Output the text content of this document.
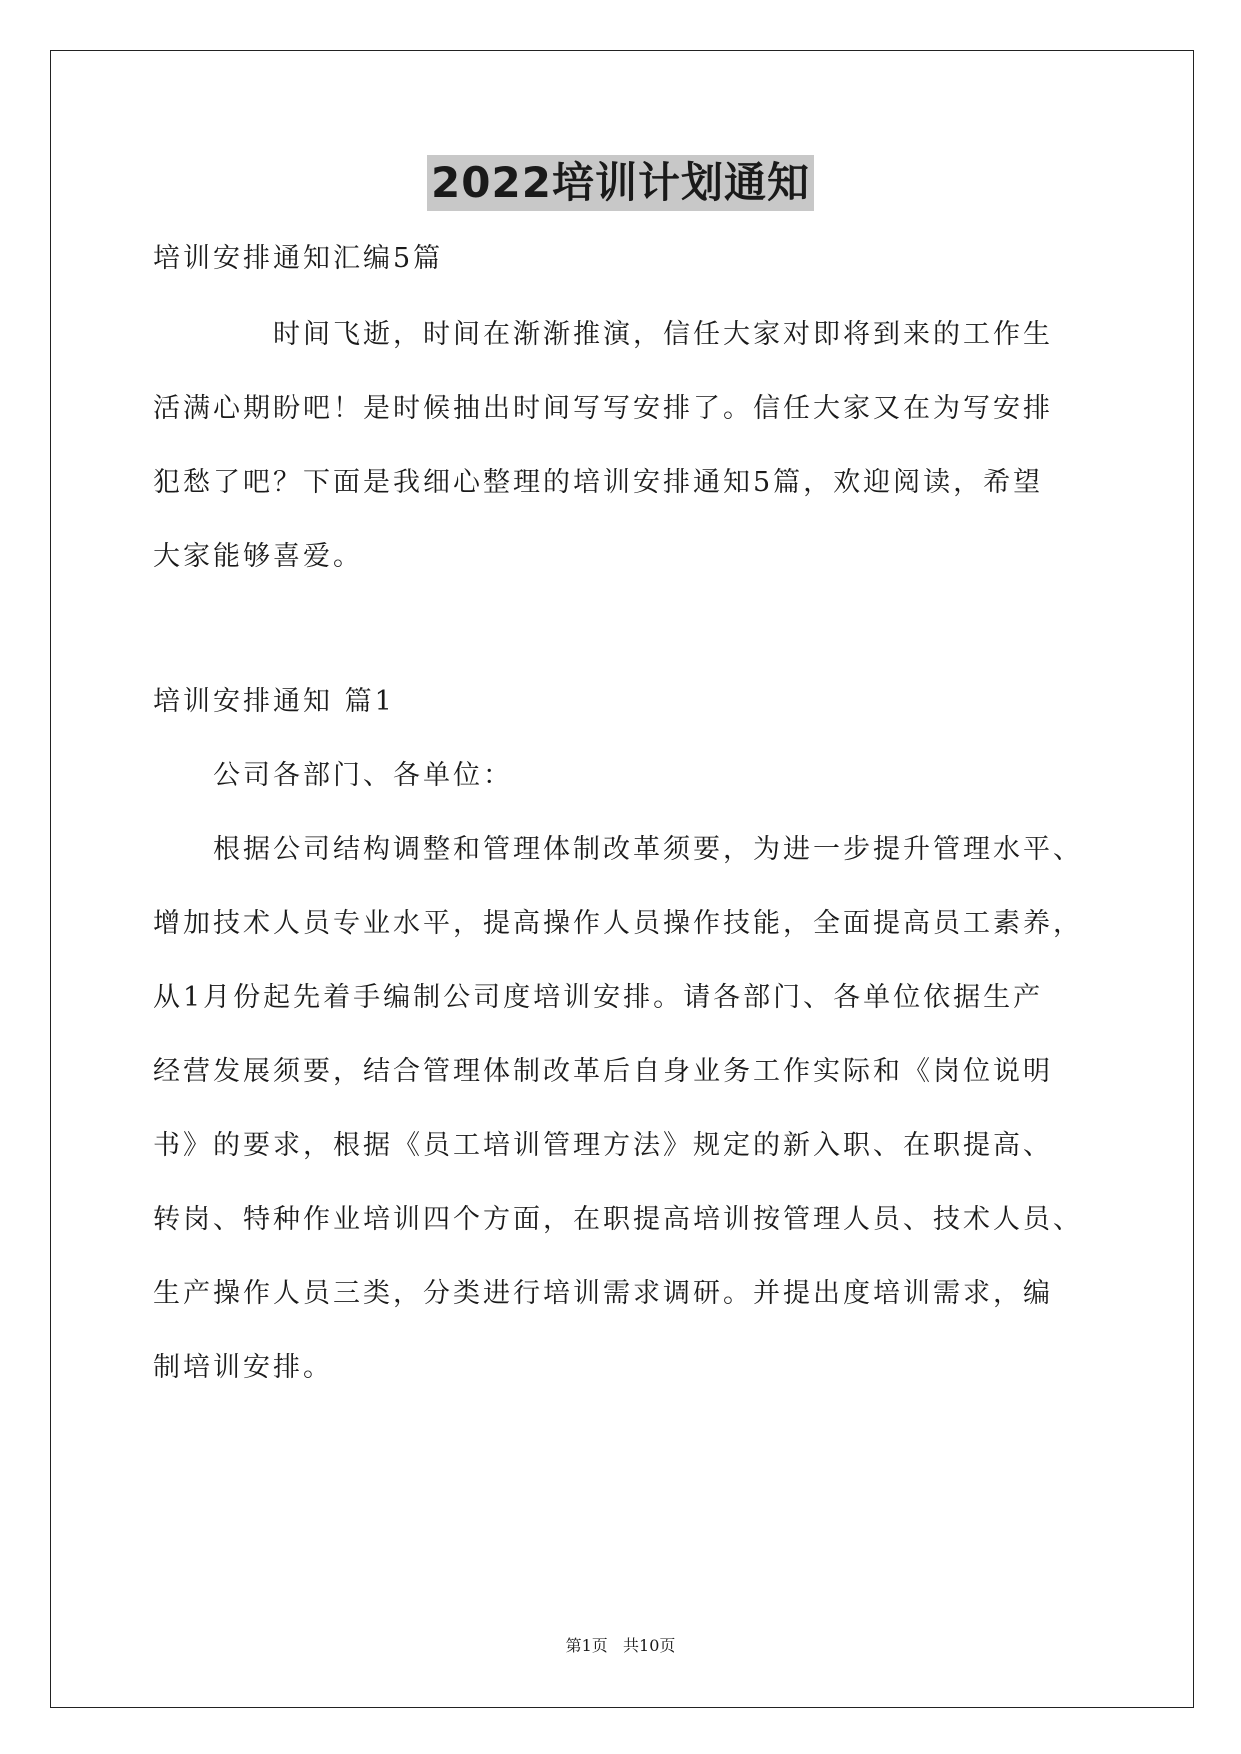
2022培训计划通知
培训安排通知汇编5篇
时间飞逝，时间在渐渐推演，信任大家对即将到来的工作生
活满心期盼吧！是时候抽出时间写写安排了。信任大家又在为写安排
犯愁了吧？下面是我细心整理的培训安排通知5篇，欢迎阅读，希望
大家能够喜爱。
培训安排通知 篇1
公司各部门、各单位：
根据公司结构调整和管理体制改革须要，为进一步提升管理水平、
增加技术人员专业水平，提高操作人员操作技能，全面提高员工素养，
从1月份起先着手编制公司度培训安排。请各部门、各单位依据生产
经营发展须要，结合管理体制改革后自身业务工作实际和《岗位说明
书》的要求，根据《员工培训管理方法》规定的新入职、在职提高、
转岗、特种作业培训四个方面，在职提高培训按管理人员、技术人员、
生产操作人员三类，分类进行培训需求调研。并提出度培训需求，编
制培训安排。
第1页   共10页
